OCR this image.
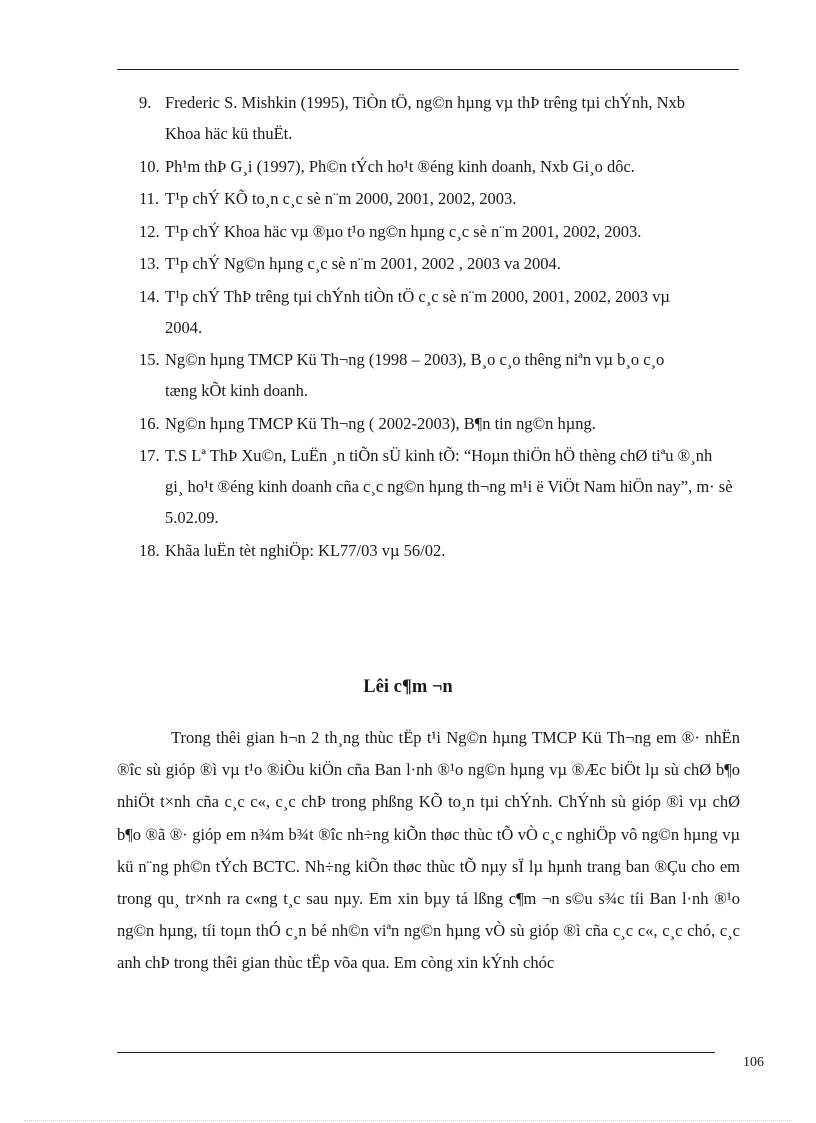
9. Frederic S. Mishkin (1995), TiÒn tÖ, ng©n hµng vµ thÞ trêng tµi chÝnh, Nxb Khoa häc kü thuËt.
10. Ph¹m thÞ G¸i (1997), Ph©n tÝch ho¹t ®éng kinh doanh, Nxb Gi¸o dôc.
11. T¹p chÝ KÕ to¸n c¸c sè n¨m 2000, 2001, 2002, 2003.
12. T¹p chÝ Khoa häc vµ ®µo t¹o ng©n hµng c¸c sè n¨m 2001, 2002, 2003.
13. T¹p chÝ Ng©n hµng c¸c sè n¨m 2001, 2002 , 2003 va 2004.
14. T¹p chÝ ThÞ trêng tµi chÝnh tiÒn tÖ c¸c sè n¨m 2000, 2001, 2002, 2003 vµ 2004.
15. Ng©n hµng TMCP Kü Th¬ng (1998 – 2003), B¸o c¸o thêng niªn vµ b¸o c¸o tæng kÕt kinh doanh.
16. Ng©n hµng TMCP Kü Th¬ng ( 2002-2003), B¶n tin ng©n hµng.
17. T.S Lª ThÞ Xu©n, LuËn ¸n tiÕn sÜ kinh tÕ: “Hoµn thiÖn hÖ thèng chØ tiªu ®¸nh gi¸ ho¹t ®éng kinh doanh cña c¸c ng©n hµng th¬ng m¹i ë ViÖt Nam hiÖn nay”, m· sè 5.02.09.
18. Khãa luËn tèt nghiÖp: KL77/03 vµ 56/02.
Lêi c¶m ¬n

Trong thêi gian h¬n 2 th¸ng thùc tËp t¹i Ng©n hµng TMCP Kü Th¬ng em ®· nhËn ®îc sù gióp ®ì vµ t¹o ®iÒu kiÖn cña Ban l·nh ®¹o ng©n hµng vµ ®Æc biÖt lµ sù chØ b¶o nhiÖt t×nh cña c¸c c«, c¸c chÞ trong phßng KÕ to¸n tµi chÝnh. ChÝnh sù gióp ®ì vµ chØ b¶o ®ã ®· gióp em n¾m b¾t ®îc nh÷ng kiÕn thøc thùc tÕ vÒ c¸c nghiÖp vô ng©n hµng vµ kü n¨ng ph©n tÝch BCTC. Nh÷ng kiÕn thøc thùc tÕ nµy sÏ lµ hµnh trang ban ®Çu cho em trong qu¸ tr×nh ra c«ng t¸c sau nµy. Em xin bµy tá lßng c¶m ¬n s©u s¾c tíi Ban l·nh ®¹o ng©n hµng, tíi toµn thÓ c¸n bé nh©n viªn ng©n hµng vÒ sù gióp ®ì cña c¸c c«, c¸c chó, c¸c anh chÞ trong thêi gian thùc tËp võa qua. Em còng xin kÝnh chóc

106
